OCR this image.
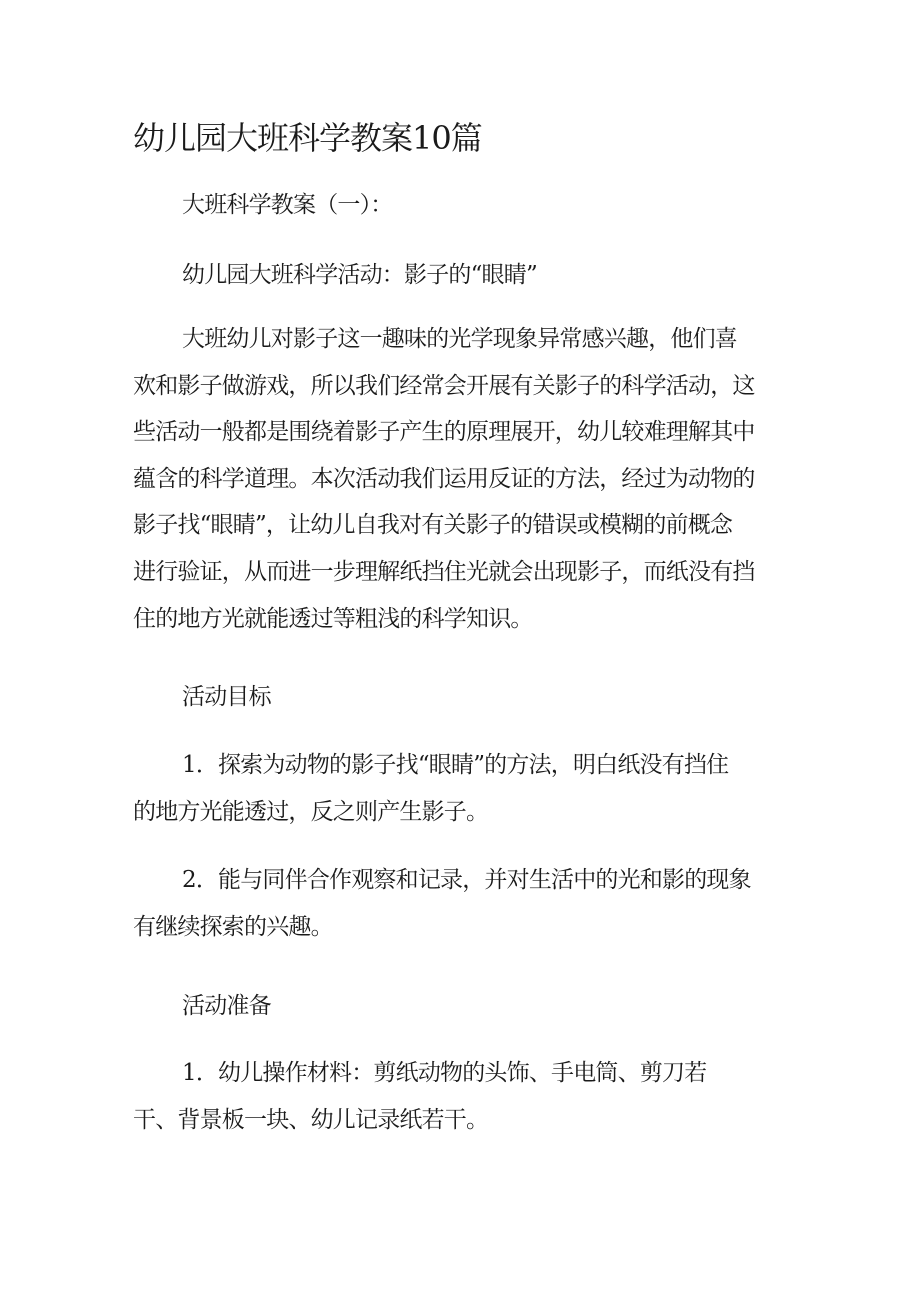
幼儿园大班科学教案10篇

大班科学教案（一）：

幼儿园大班科学活动：影子的“眼睛”

大班幼儿对影子这一趣味的光学现象异常感兴趣，他们喜

欢和影子做游戏，所以我们经常会开展有关影子的科学活动，这

些活动一般都是围绕着影子产生的原理展开，幼儿较难理解其中

蕴含的科学道理。本次活动我们运用反证的方法，经过为动物的

影子找“眼睛”，让幼儿自我对有关影子的错误或模糊的前概念

进行验证，从而进一步理解纸挡住光就会出现影子，而纸没有挡

住的地方光就能透过等粗浅的科学知识。

活动目标

1．探索为动物的影子找“眼睛”的方法，明白纸没有挡住

的地方光能透过，反之则产生影子。

2．能与同伴合作观察和记录，并对生活中的光和影的现象

有继续探索的兴趣。

活动准备

1．幼儿操作材料：剪纸动物的头饰、手电筒、剪刀若

干、背景板一块、幼儿记录纸若干。
